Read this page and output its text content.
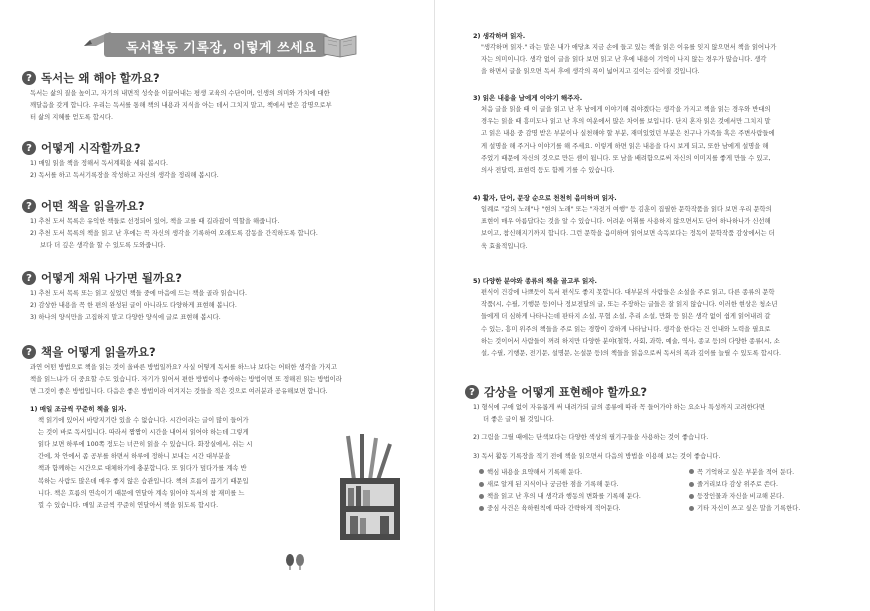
독서활동 기록장, 이렇게 쓰세요
? 독서는 왜 해야 할까요?
독서는 삶의 질을 높이고, 자기의 내면적 성숙을 이끌어내는 평생 교육의 수단이며, 인생의 의미와 가치에 대한
깨달음을 갖게 합니다. 우리는 독서를 통해 책의 내용과 지식을 아는 데서 그치지 말고, 책에서 받은 감명으로부
터 삶의 지혜를 얻도록 합시다.
? 어떻게 시작할까요?
1) 매일 읽을 책을 정해서 독서계획을 세워 봅시다.
2) 독서를 하고 독서기록장을 작성하고 자신의 생각을 정리해 봅시다.
? 어떤 책을 읽을까요?
1) 추천 도서 목록은 유익한 책들로 선정되어 있어, 책을 고를 때 길라잡이 역할을 해줍니다.
2) 추천 도서 목록의 책을 읽고 난 후에는 꼭 자신의 생각을 기록하여 오래도록 감동을 간직하도록 합니다.
보다 더 깊은 생각을 할 수 있도록 도와줍니다.
? 어떻게 채워 나가면 될까요?
1) 추천 도서 목록 또는 읽고 싶었던 책들 중에 마음에 드는 책을 골라 읽습니다.
2) 감상한 내용을 꼭 한 편의 완성된 글이 아니라도 다양하게 표현해 봅니다.
3) 하나의 양식만을 고집하지 말고 다양한 양식에 글로 표현해 봅시다.
? 책을 어떻게 읽을까요?
과연 어떤 방법으로 책을 읽는 것이 올바른 방법일까요? 사실 어떻게 독서를 하느냐 보다는 어떠한 생각을 가지고
책을 읽느냐가 더 중요할 수도 있습니다. 자기가 읽어서 편한 방법이나 좋아하는 방법이면 또 정해진 읽는 방법이라
면 그것이 좋은 방법입니다. 다음은 좋은 방법이라 여겨지는 것들을 적은 것으로 여러분과 공유해보면 합니다.
1) 매일 조금씩 꾸준히 책을 읽자.
책 읽기에 있어서 바탕지기란 있을 수 없습니다. 시간이라는 글이 많이 들어가
는 것이 바로 독서입니다. 따라서 짬짬이 시간을 내어서 읽어야 하는데 그렇게
읽다 보면 하루에 100쪽 정도는 너끈히 읽을 수 있습니다. 화장실에서, 쉬는 시
간에, 차 안에서 좀 공부를 하면서 하루에 정하니 보내는 시간 대부분을
책과 함께하는 시간으로 대체하기에 충분합니다. 또 읽다가 덮다가를 계속 반
복하는 사람도 많은데 매우 좋지 않은 습관입니다. 책의 흐름이 끊기기 때문입
니다. 책은 흐름의 연속이기 때문에 연달아 계속 읽어야 독서의 참 재미를 느
낄 수 있습니다. 매일 조금씩 꾸준히 연달아서 책을 읽도록 합시다.
2) 생각하며 읽자.
"생각하며 읽자." 라는 말은 내가 애당초 지금 손에 들고 있는 책을 읽은 이유를 잊지 않으면서 책을 읽어나가
자는 의미이니다. 생각 없이 글을 읽다 보면 읽고 난 후에 내용이 기억이 나지 않는 경우가 많습니다. 생각
을 하면서 글을 읽으면 독서 후에 생각의 폭이 넓어지고 깊이는 깊어질 것입니다.
3) 읽은 내용을 남에게 이야기 해주자.
처음 글을 읽을 때 이 글을 읽고 난 후 남에게 이야기해 줘야겠다는 생각을 가지고 책을 읽는 경우와 반대의
경우는 읽을 때 흥미도나 읽고 난 후의 여운에서 많은 차이를 보입니다. 단지 혼자 읽은 것에서만 그치지 말
고 읽은 내용 중 감명 받은 부분이나 실천해야 할 부분, 재미있었던 부분은 친구나 가족들 혹은 주변사람들에
게 설명을 해 주거나 이야기를 해 주세요. 이렇게 하면 읽은 내용을 다시 보게 되고, 또한 남에게 설명을 해
주었기 때문에 자신의 것으로 만든 셈이 됩니다. 또 남을 배려함으로써 자신의 이미지를 좋게 만들 수 있고,
의사 전달력, 표현력 등도 함께 기를 수 있습니다.
4) 활자, 단어, 문장 순으로 천천히 음미하며 읽자.
일례로 "갈의 노래"나 "현의 노래" 또는 "자전거 여행" 등 김훈이 집필한 문학작품을 읽다 보면 우리 문학의
표현이 매우 아름답다는 것을 알 수 있습니다. 어려운 어휘를 사용하지 않으면서도 단어 하나하나가 신선해
보이고, 참신해지기까지 합니다. 그런 문학을 음미하며 읽어보면 속독보다는 정독이 문학작품 감상에서는 더
욱 효율적입니다.
5) 다양한 분야와 종류의 책을 골고루 읽자.
편식이 건강에 나쁘듯이 독서 편식도 좋지 못합니다. 대부분의 사람들은 소설을 주로 읽고, 다른 종류의 문학
작품(시, 수필, 기행문 등)이나 정보전달의 글, 또는 주장하는 글들은 잘 읽지 않습니다. 이러한 현상은 청소년
들에게 더 심하게 나타나는데 판타지 소설, 무협 소설, 추리 소설, 만화 등 읽은 생각 없이 쉽게 읽어내려 갈
수 있는, 흥미 위주의 책들을 주로 읽는 경향이 강하게 나타납니다. 생각을 한다는 건 인내와 노력을 필요로
하는 것이어서 사람들이 꺼려 하지만 다양한 분야(철학, 사회, 과학, 예술, 역사, 종교 등)의 다양한 종류(시, 소
설, 수필, 기행문, 전기문, 설명문, 논설문 등)의 책들을 읽음으로써 독서의 폭과 깊이를 늘릴 수 있도록 합시다.
? 감상을 어떻게 표현해야 할까요?
1) 형식에 구애 없이 자유롭게 써 내려가되 글의 종류에 따라 꼭 들어가야 하는 요소나 특성까지 고려한다면
더 좋은 글이 될 것입니다.
2) 그림을 그릴 때에는 단색보다는 다양한 색상의 필기구들을 사용하는 것이 좋습니다.
3) 독서 활동 기록장을 적기 전에 책을 읽으면서 다음의 방법을 이용해 보는 것이 좋습니다.
핵심 내용을 요약해서 기록해 둔다.
새로 알게 된 지식이나 궁금한 점을 기록해 둔다.
책을 읽고 난 후의 내 생각과 행동의 변화를 기록해 둔다.
중심 사건은 육하원칙에 따라 간략하게 적어둔다.
꼭 기억하고 싶은 부분을 적어 둔다.
줄거리보다 감상 위주로 쓴다.
등장인물과 자신을 비교해 본다.
기타 자신이 쓰고 싶은 말을 기록한다.
